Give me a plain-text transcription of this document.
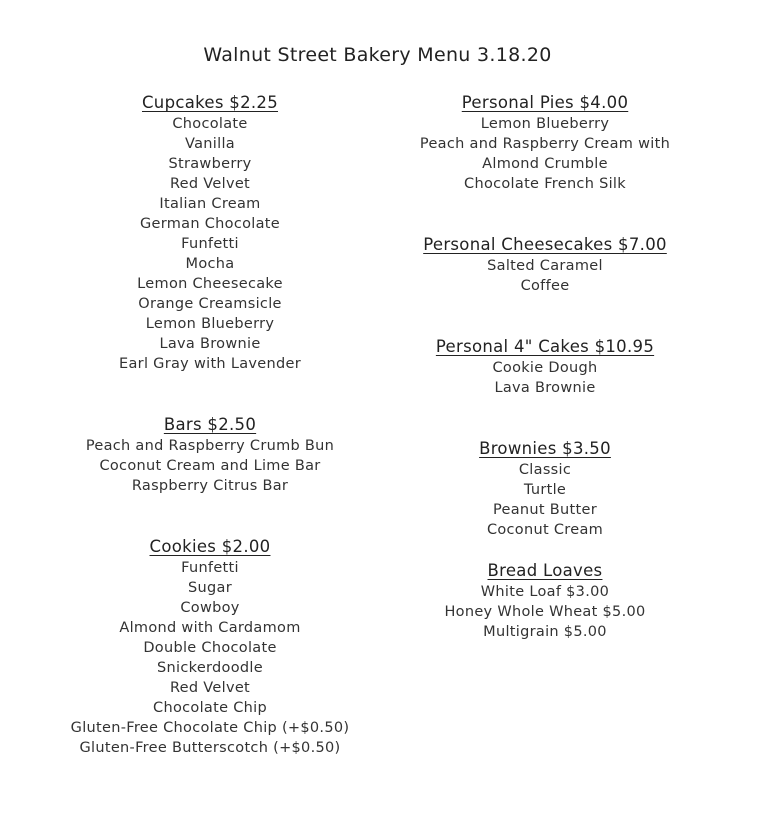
Walnut Street Bakery Menu 3.18.20
Cupcakes $2.25
Chocolate
Vanilla
Strawberry
Red Velvet
Italian Cream
German Chocolate
Funfetti
Mocha
Lemon Cheesecake
Orange Creamsicle
Lemon Blueberry
Lava Brownie
Earl Gray with Lavender
Bars $2.50
Peach and Raspberry Crumb Bun
Coconut Cream and Lime Bar
Raspberry Citrus Bar
Cookies $2.00
Funfetti
Sugar
Cowboy
Almond with Cardamom
Double Chocolate
Snickerdoodle
Red Velvet
Chocolate Chip
Gluten-Free Chocolate Chip (+$0.50)
Gluten-Free Butterscotch (+$0.50)
Personal Pies $4.00
Lemon Blueberry
Peach and Raspberry Cream with
Almond Crumble
Chocolate French Silk
Personal Cheesecakes $7.00
Salted Caramel
Coffee
Personal 4" Cakes $10.95
Cookie Dough
Lava Brownie
Brownies $3.50
Classic
Turtle
Peanut Butter
Coconut Cream
Bread Loaves
White Loaf $3.00
Honey Whole Wheat $5.00
Multigrain $5.00
